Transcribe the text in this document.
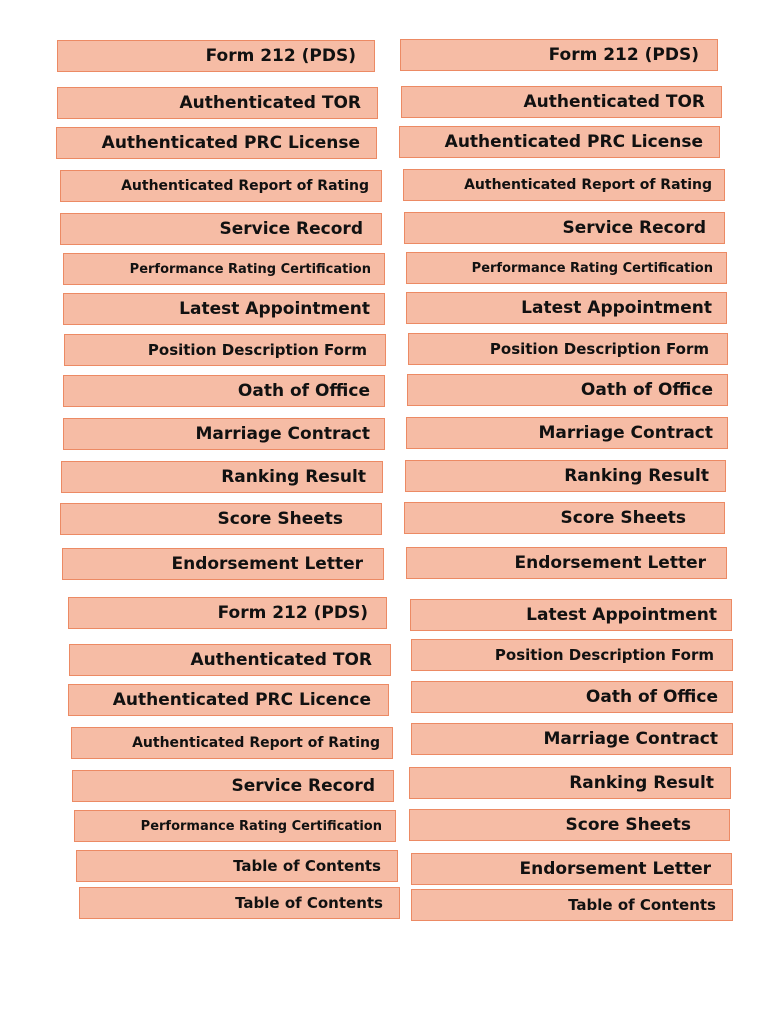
Form 212 (PDS)	Form 212 (PDS)
Authenticated TOR	Authenticated TOR
Authenticated PRC License	Authenticated PRC License
Authenticated Report of Rating	Authenticated Report of Rating
Service Record	Service Record
Performance Rating Certification	Performance Rating Certification
Latest Appointment	Latest Appointment
Position Description Form	Position Description Form
Oath of Office	Oath of Office
Marriage Contract	Marriage Contract
Ranking Result	Ranking Result
Score Sheets	Score Sheets
Endorsement Letter	Endorsement Letter
Form 212 (PDS)	Latest Appointment
Authenticated TOR	Position Description Form
Authenticated PRC Licence	Oath of Office
Authenticated Report of Rating	Marriage Contract
Service Record	Ranking Result
Performance Rating Certification	Score Sheets
Table of Contents	Endorsement Letter
Table of Contents	Table of Contents
